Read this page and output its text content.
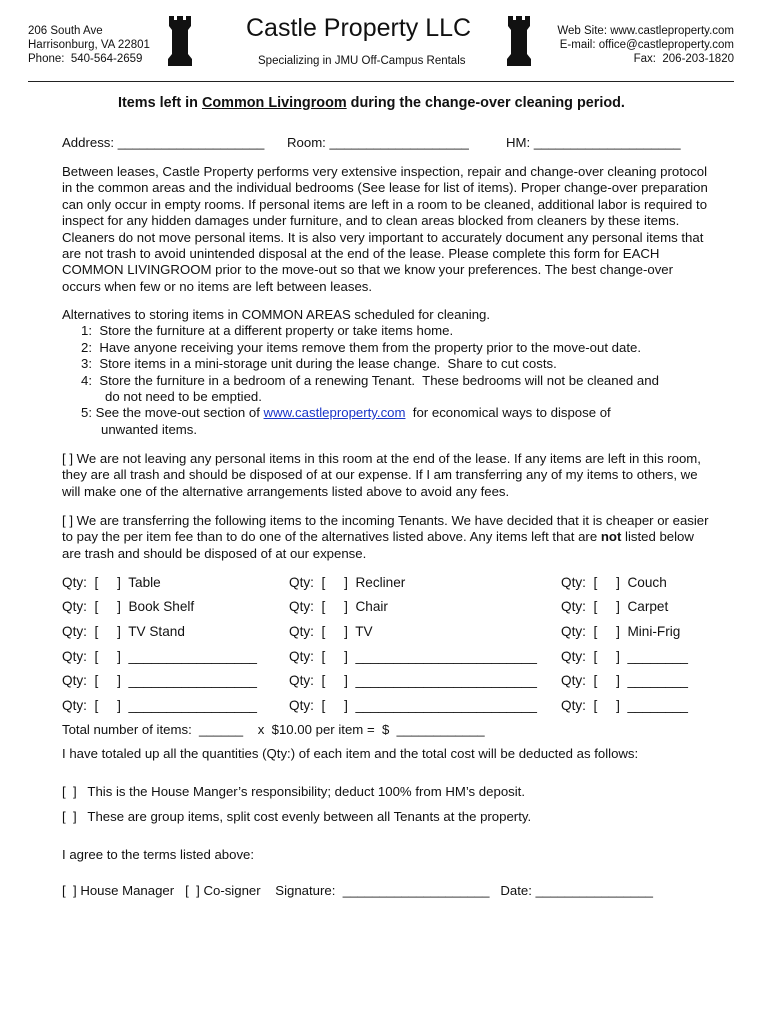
206 South Ave
Harrisonburg, VA 22801
Phone:  540-564-2659
Castle Property LLC
Specializing in JMU Off-Campus Rentals
Web Site: www.castleproperty.com
E-mail: office@castleproperty.com
Fax:  206-203-1820
Items left in Common Livingroom during the change-over cleaning period.
Address: ____________________ Room: ___________________	HM: ____________________
Between leases, Castle Property performs very extensive inspection, repair and change-over cleaning protocol in the common areas and the individual bedrooms (See lease for list of items). Proper change-over preparation can only occur in empty rooms. If personal items are left in a room to be cleaned, additional labor is required to inspect for any hidden damages under furniture, and to clean areas blocked from cleaners by these items. Cleaners do not move personal items. It is also very important to accurately document any personal items that are not trash to avoid unintended disposal at the end of the lease. Please complete this form for EACH COMMON LIVINGROOM prior to the move-out so that we know your preferences. The best change-over occurs when few or no items are left between leases.
Alternatives to storing items in COMMON AREAS scheduled for cleaning.
1: Store the furniture at a different property or take items home.
2: Have anyone receiving your items remove them from the property prior to the move-out date.
3: Store items in a mini-storage unit during the lease change.  Share to cut costs.
4: Store the furniture in a bedroom of a renewing Tenant.  These bedrooms will not be cleaned and
do not need to be emptied.
5: See the move-out section of www.castleproperty.com  for economical ways to dispose of
unwanted items.
[ ] We are not leaving any personal items in this room at the end of the lease. If any items are left in this room, they are all trash and should be disposed of at our expense. If I am transferring any of my items to others, we will make one of the alternative arrangements listed above to avoid any fees.
[ ] We are transferring the following items to the incoming Tenants. We have decided that it is cheaper or easier to pay the per item fee than to do one of the alternatives listed above. Any items left that are not listed below are trash and should be disposed of at our expense.
Qty:  [     ]  Table	Qty:  [     ]  Recliner	Qty:  [     ]  Couch
Qty:  [     ]  Book Shelf	Qty:  [     ]  Chair	Qty:  [     ]  Carpet
Qty:  [     ]  TV Stand	Qty:  [     ]  TV	Qty:  [     ]  Mini-Frig
Qty:  [     ]  _________________ Qty:  [     ]  ________________________ Qty:  [     ]  ________
Qty:  [     ]  _________________ Qty:  [     ]  ________________________ Qty:  [     ]  ________
Qty:  [     ]  _________________ Qty:  [     ]  ________________________ Qty:  [     ]  ________
Total number of items:  ______    x  $10.00 per item =  $  ____________
I have totaled up all the quantities (Qty:) of each item and the total cost will be deducted as follows:
[  ]   This is the House Manger’s responsibility; deduct 100% from HM’s deposit.
[  ]   These are group items, split cost evenly between all Tenants at the property.
I agree to the terms listed above:
[  ] House Manager   [  ] Co-signer    Signature:  ____________________   Date: ________________
